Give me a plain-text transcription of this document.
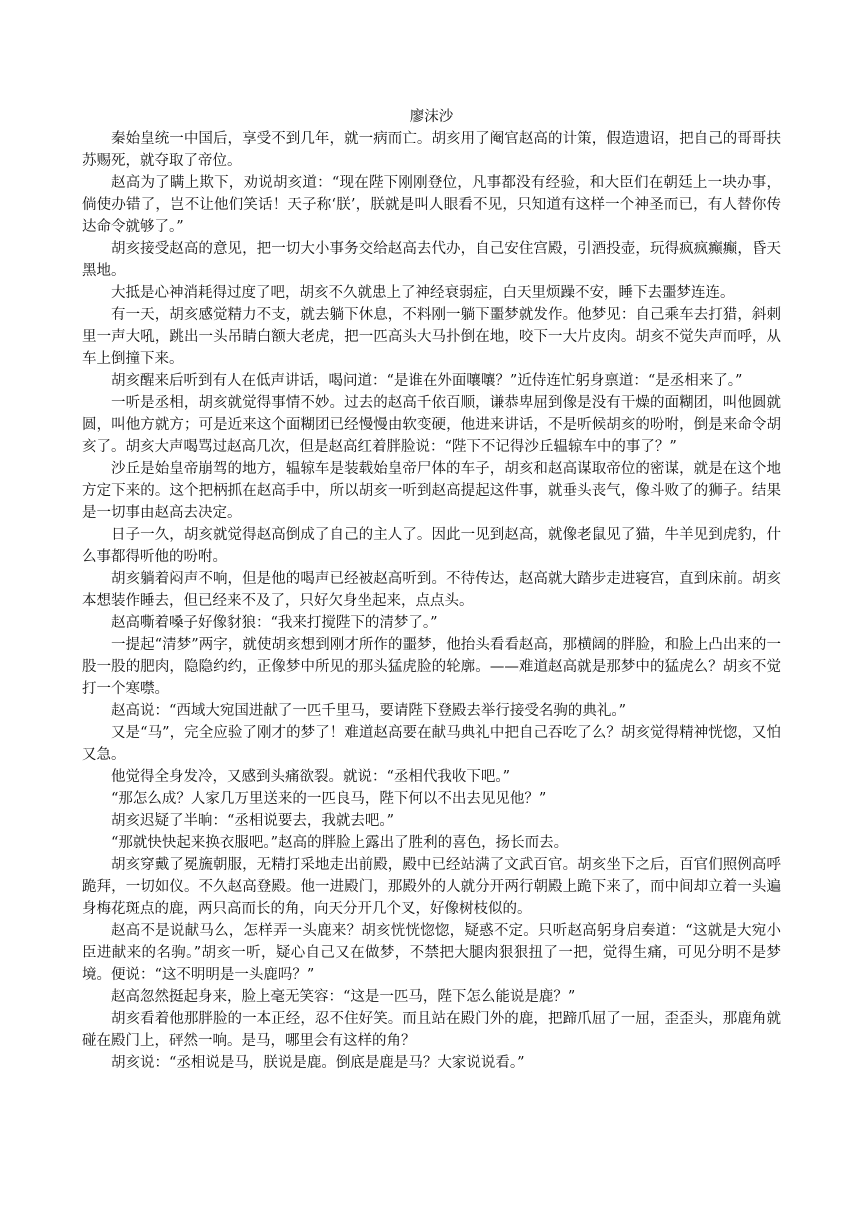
廖沫沙

秦始皇统一中国后，享受不到几年，就一病而亡。胡亥用了阉官赵高的计策，假造遗诏，把自己的哥哥扶苏赐死，就夺取了帝位。

赵高为了瞒上欺下，劝说胡亥道：“现在陛下刚刚登位，凡事都没有经验，和大臣们在朝廷上一块办事，倘使办错了，岂不让他们笑话！天子称‘朕’，朕就是叫人眼看不见，只知道有这样一个神圣而已，有人替你传达命令就够了。”

胡亥接受赵高的意见，把一切大小事务交给赵高去代办，自己安住宫殿，引酒投壶，玩得疯疯癫癫，昏天黑地。

大抵是心神消耗得过度了吧，胡亥不久就患上了神经衰弱症，白天里烦躁不安，睡下去噩梦连连。

有一天，胡亥感觉精力不支，就去躺下休息，不料刚一躺下噩梦就发作。他梦见：自己乘车去打猎，斜刺里一声大吼，跳出一头吊睛白额大老虎，把一匹高头大马扑倒在地，咬下一大片皮肉。胡亥不觉失声而呼，从车上倒撞下来。

胡亥醒来后听到有人在低声讲话，喝问道：“是谁在外面嚷嚷？”近侍连忙躬身禀道：“是丞相来了。”

一听是丞相，胡亥就觉得事情不妙。过去的赵高千依百顺，谦恭卑屈到像是没有干燥的面糊团，叫他圆就圆，叫他方就方；可是近来这个面糊团已经慢慢由软变硬，他进来讲话，不是听候胡亥的吩咐，倒是来命令胡亥了。胡亥大声喝骂过赵高几次，但是赵高红着胖脸说：“陛下不记得沙丘辒辌车中的事了？”

沙丘是始皇帝崩驾的地方，辒辌车是装载始皇帝尸体的车子，胡亥和赵高谋取帝位的密谋，就是在这个地方定下来的。这个把柄抓在赵高手中，所以胡亥一听到赵高提起这件事，就垂头丧气，像斗败了的狮子。结果是一切事由赵高去决定。

日子一久，胡亥就觉得赵高倒成了自己的主人了。因此一见到赵高，就像老鼠见了猫，牛羊见到虎豹，什么事都得听他的吩咐。

胡亥躺着闷声不响，但是他的喝声已经被赵高听到。不待传达，赵高就大踏步走进寝宫，直到床前。胡亥本想装作睡去，但已经来不及了，只好欠身坐起来，点点头。

赵高嘶着嗓子好像豺狼：“我来打搅陛下的清梦了。”

一提起“清梦”两字，就使胡亥想到刚才所作的噩梦，他抬头看看赵高，那横阔的胖脸，和脸上凸出来的一股一股的肥肉，隐隐约约，正像梦中所见的那头猛虎脸的轮廓。——难道赵高就是那梦中的猛虎么？胡亥不觉打一个寒噤。

赵高说：“西域大宛国进献了一匹千里马，要请陛下登殿去举行接受名驹的典礼。”

又是“马”，完全应验了刚才的梦了！难道赵高要在献马典礼中把自己吞吃了么？胡亥觉得精神恍惚，又怕又急。

他觉得全身发冷，又感到头痛欲裂。就说：“丞相代我收下吧。”

“那怎么成？人家几万里送来的一匹良马，陛下何以不出去见见他？”

胡亥迟疑了半晌：“丞相说要去，我就去吧。”

“那就快快起来换衣服吧。”赵高的胖脸上露出了胜利的喜色，扬长而去。

胡亥穿戴了冕旒朝服，无精打采地走出前殿，殿中已经站满了文武百官。胡亥坐下之后，百官们照例高呼跪拜，一切如仪。不久赵高登殿。他一进殿门，那殿外的人就分开两行朝殿上跪下来了，而中间却立着一头遍身梅花斑点的鹿，两只高而长的角，向天分开几个叉，好像树枝似的。

赵高不是说献马么，怎样弄一头鹿来？胡亥恍恍惚惚，疑惑不定。只听赵高躬身启奏道：“这就是大宛小臣进献来的名驹。”胡亥一听，疑心自己又在做梦，不禁把大腿肉狠狠扭了一把，觉得生痛，可见分明不是梦境。便说：“这不明明是一头鹿吗？”

赵高忽然挺起身来，脸上毫无笑容：“这是一匹马，陛下怎么能说是鹿？”

胡亥看着他那胖脸的一本正经，忍不住好笑。而且站在殿门外的鹿，把蹄爪屈了一屈，歪歪头，那鹿角就碰在殿门上，砰然一响。是马，哪里会有这样的角？

胡亥说：“丞相说是马，朕说是鹿。倒底是鹿是马？大家说说看。”
